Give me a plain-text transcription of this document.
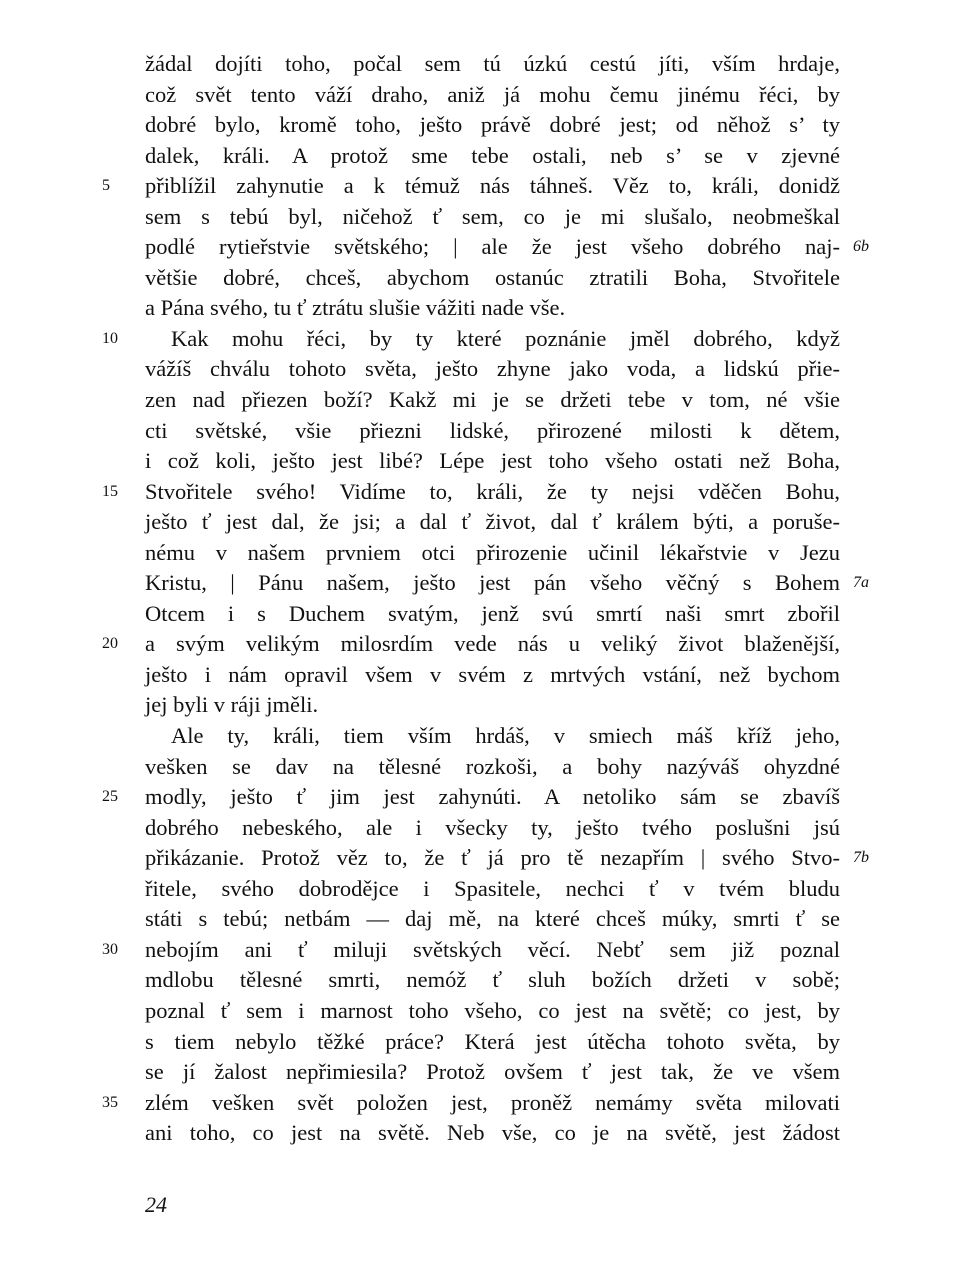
žádal dojíti toho, počal sem tú úzkú cestú jíti, vším hrdaje,
což svět tento váží draho, aniž já mohu čemu jinému řéci, by
dobré bylo, kromě toho, ješto právě dobré jest; od něhož s’ ty
dalek, králi. A protož sme tebe ostali, neb s’ se v zjevné
5	přiblížil zahynutie a k témuž nás táhneš. Věz to, králi, donidž
sem s tebú byl, ničehož ť sem, co je mi slušalo, neobmeškal
podlé rytieřstvie světského; | ale že jest všeho dobrého naj- 6b
většie dobré, chceš, abychom ostanúc ztratili Boha, Stvořitele
a Pána svého, tu ť ztrátu slušie vážiti nade vše.
10	Kak mohu řéci, by ty které poznánie jměl dobrého, když
vážíš chválu tohoto světa, ješto zhyne jako voda, a lidskú přie-
zen nad přiezen boží? Kakž mi je se držeti tebe v tom, né všie
cti světské, všie přiezni lidské, přirozené milosti k dětem,
i což koli, ješto jest libé? Lépe jest toho všeho ostati než Boha,
15	Stvořitele svého! Vidíme to, králi, že ty nejsi vděčen Bohu,
ješto ť jest dal, že jsi; a dal ť život, dal ť králem býti, a poruše-
nému v našem prvniem otci přirozenie učinil lékařstvie v Jezu
Kristu, | Pánu našem, ješto jest pán všeho věčný s Bohem 7a
Otcem i s Duchem svatým, jenž svú smrtí naši smrt zbořil
20	a svým velikým milosrdím vede nás u veliký život blaženější,
ješto i nám opravil všem v svém z mrtvých vstání, než bychom
jej byli v ráji jměli.
Ale ty, králi, tiem vším hrdáš, v smiech máš kříž jeho,
vešken se dav na tělesné rozkoši, a bohy nazýváš ohyzdné
25	modly, ješto ť jim jest zahynúti. A netoliko sám se zbavíš
dobrého nebeského, ale i všecky ty, ješto tvého poslušni jsú
přikázanie. Protož věz to, že ť já pro tě nezapřím | svého Stvo- 7b
řitele, svého dobrodějce i Spasitele, nechci ť v tvém bludu
státi s tebú; netbám — daj mě, na které chceš múky, smrti ť se
30	nebojím ani ť miluji světských věcí. Nebť sem již poznal
mdlobu tělesné smrti, nemóž ť sluh božích držeti v sobě;
poznal ť sem i marnost toho všeho, co jest na světě; co jest, by
s tiem nebylo těžké práce? Která jest útěcha tohoto světa, by
se jí žalost nepřimiesila? Protož ovšem ť jest tak, že ve všem
35	zlém vešken svět položen jest, proněž nemámy světa milovati
ani toho, co jest na světě. Neb vše, co je na světě, jest žádost
24
